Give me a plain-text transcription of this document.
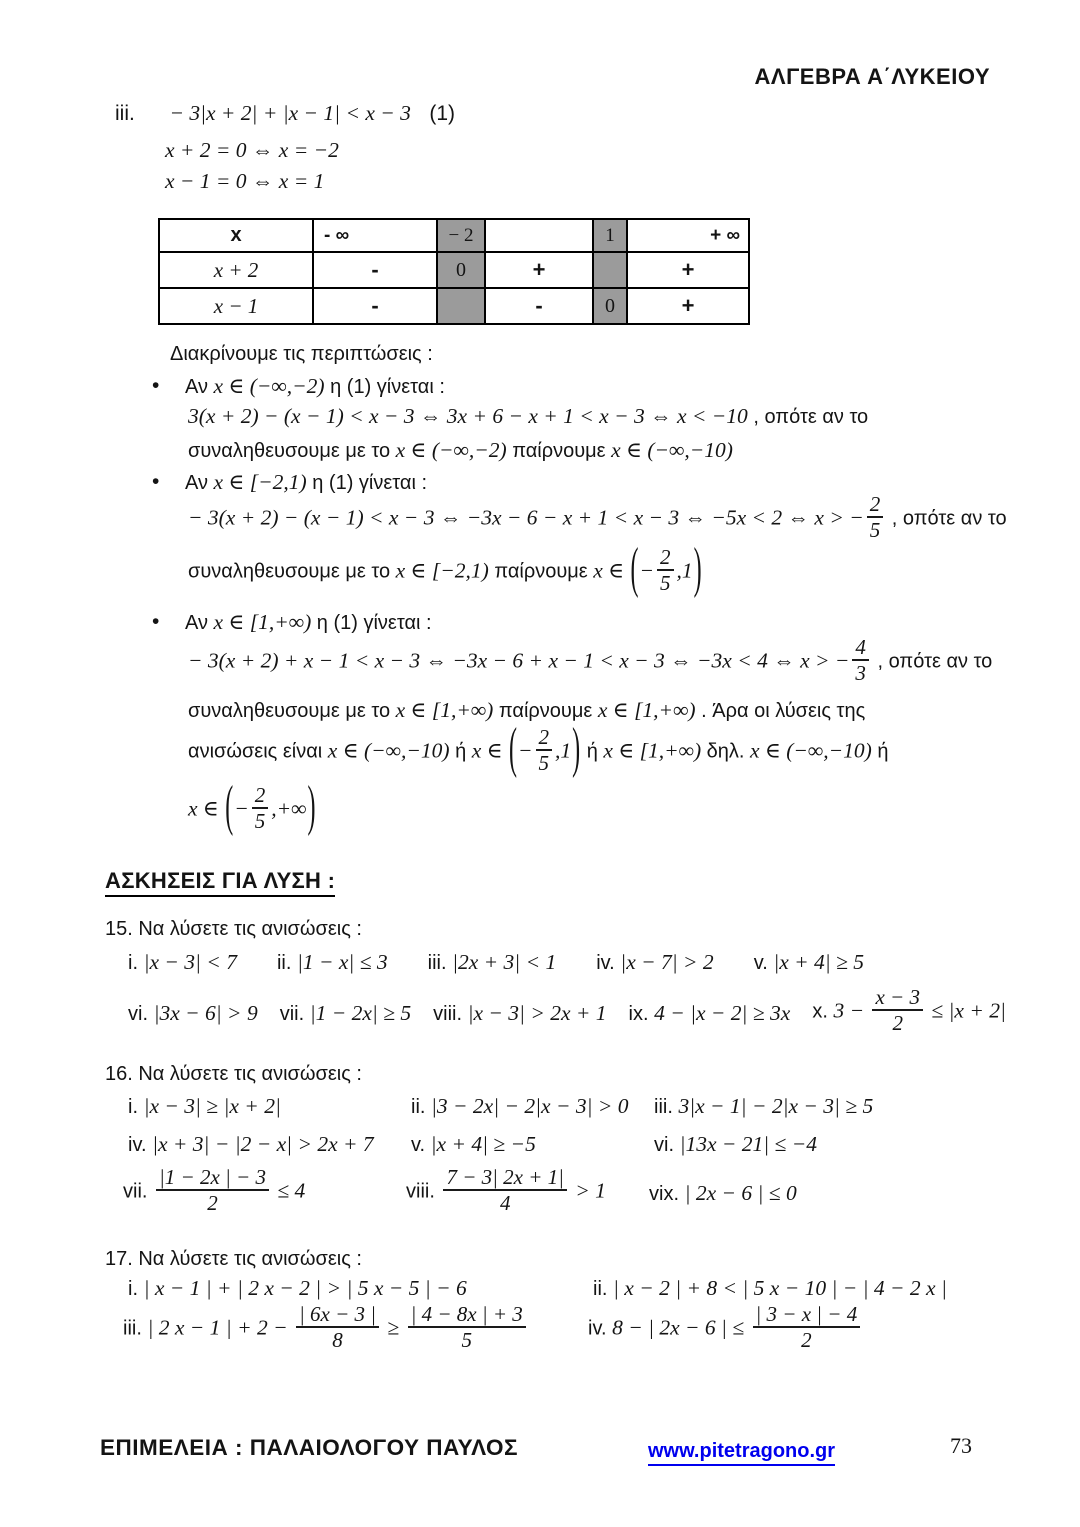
ΑΛΓΕΒΡΑ Α΄ΛΥΚΕΙΟΥ
iii. − 3|x + 2| + |x − 1| < x − 3 (1)
x + 2 = 0 ⇔ x = −2
x − 1 = 0 ⇔ x = 1
x	- ∞	− 2		1	+ ∞
x + 2	-	0	+		+
x − 1	-		-	0	+
Διακρίνουμε τις περιπτώσεις :
• Αν x ∈ (−∞,−2) η (1) γίνεται :
3(x + 2) − (x − 1) < x − 3 ⇔ 3x + 6 − x + 1 < x − 3 ⇔ x < −10 , οπότε αν το
συναληθευσουμε με το x ∈ (−∞,−2) παίρνουμε x ∈ (−∞,−10)
• Αν x ∈ [−2,1) η (1) γίνεται :
− 3(x + 2) − (x − 1) < x − 3 ⇔ −3x − 6 − x + 1 < x − 3 ⇔ −5x < 2 ⇔ x > − $\frac{2}{5}$ , οπότε αν το
συναληθευσουμε με το x ∈ [−2,1) παίρνουμε x ∈ (− $\frac{2}{5} ,1$)
• Αν x ∈ [1,+∞) η (1) γίνεται :
− 3(x + 2) + x − 1 < x − 3 ⇔ −3x − 6 + x − 1 < x − 3 ⇔ −3x < 4 ⇔ x > − $\frac{4}{3}$ , οπότε αν το
συναληθευσουμε με το x ∈ [1,+∞) παίρνουμε x ∈ [1,+∞) . Άρα οι λύσεις της
ανισώσεις είναι x ∈ (−∞,−10) ή x ∈ (− $\frac{2}{5} ,1$) ή x ∈ [1,+∞) δηλ. x ∈ (−∞,−10) ή
x ∈ (− $\frac{2}{5}$ ,+∞)
ΑΣΚΗΣΕΙΣ ΓΙΑ ΛΥΣΗ :
15. Να λύσετε τις ανισώσεις :
i. |x − 3| < 7 ii. |1 − x| ≤ 3 iii. |2x + 3| < 1 iv. |x − 7| > 2 v. |x + 4| ≥ 5
vi. |3x − 6| > 9 vii. |1 − 2x| ≥ 5 viii. |x − 3| > 2x + 1 ix. 4 − |x − 2| ≥ 3x x. $3 - \frac{x - 3}{2} \le |x + 2|$
16. Να λύσετε τις ανισώσεις :
i. |x − 3| ≥ |x + 2|	ii. |3 − 2x| − 2|x − 3| > 0	iii. 3|x − 1| − 2|x − 3| ≥ 5
iv. |x + 3| − |2 − x| > 2x + 7	v. |x + 4| ≥ −5	vi. |13x − 21| ≤ −4
vii. $\frac{|1 - 2x | - 3}{2} \le 4$	viii. $\frac{7 - 3| 2x + 1|}{4} > 1$	vix. | 2x − 6 | ≤ 0
17. Να λύσετε τις ανισώσεις :
i. | x − 1 | + | 2 x − 2 | > | 5 x − 5 | − 6	ii. | x − 2 | + 8 < | 5 x − 10 | − | 4 − 2 x |
iii. | 2 x − 1 | + $2 - \frac{| 6x - 3 |}{8} \ge \frac{| 4 - 8x | + 3}{5}$	iv. 8 − | 2x − 6 | ≤ $\frac{| 3 - x | - 4}{2}$
ΕΠΙΜΕΛΕΙΑ : ΠΑΛΑΙΟΛΟΓΟΥ ΠΑΥΛΟΣ	www.pitetragono.gr	73
